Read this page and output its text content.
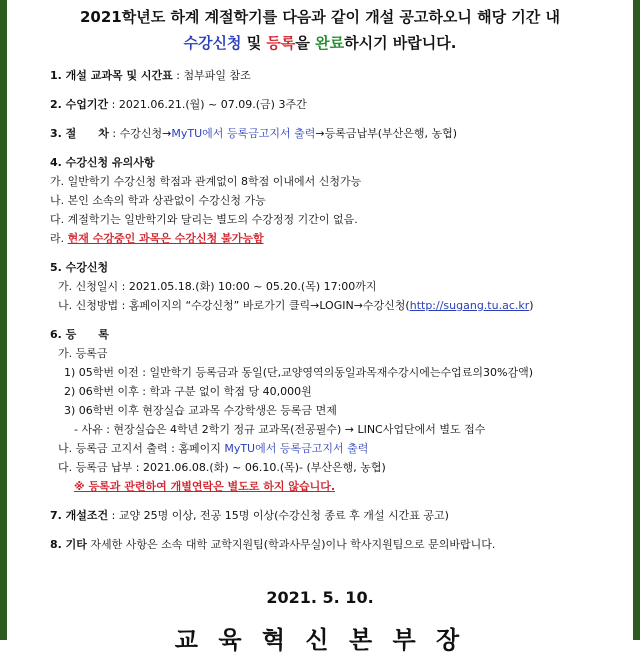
2021학년도 하계 계절학기를 다음과 같이 개설 공고하오니 해당 기간 내
수강신청 및 등록을 완료하시기 바랍니다.
1. 개설 교과목 및 시간표 : 첨부파일 참조
2. 수업기간 : 2021.06.21.(월) ~ 07.09.(금) 3주간
3. 절　　차 : 수강신청→MyTU에서 등록금고지서 출력→등록금납부(부산은행, 농협)
4. 수강신청 유의사항
가. 일반학기 수강신청 학점과 관계없이 8학점 이내에서 신청가능
나. 본인 소속의 학과 상관없이 수강신청 가능
다. 계절학기는 일반학기와 달리는 별도의 수강정정 기간이 없음.
라. 현재 수강중인 과목은 수강신청 불가능함
5. 수강신청
가. 신청일시 : 2021.05.18.(화) 10:00 ~ 05.20.(목) 17:00까지
나. 신청방법 : 홈페이지의 “수강신청” 바로가기 클릭→LOGIN→수강신청(http://sugang.tu.ac.kr)
6. 등　　록
가. 등록금
1) 05학번 이전 : 일반학기 등록금과 동일(단,교양영역의동일과목재수강시에는수업료의30%감액)
2) 06학번 이후 : 학과 구분 없이 학점 당 40,000원
3) 06학번 이후 현장실습 교과목 수강학생은 등록금 면제
- 사유 : 현장실습은 4학년 2학기 정규 교과목(전공필수) → LINC사업단에서 별도 접수
나. 등록금 고지서 출력 : 홈페이지 MyTU에서 등록금고지서 출력
다. 등록금 납부 : 2021.06.08.(화) ~ 06.10.(목)- (부산은행, 농협)
※ 등록과 관련하여 개별연락은 별도로 하지 않습니다.
7. 개설조건 : 교양 25명 이상, 전공 15명 이상(수강신청 종료 후 개설 시간표 공고)
8. 기타 자세한 사항은 소속 대학 교학지원팀(학과사무실)이나 학사지원팀으로 문의바랍니다.
2021. 5. 10.
교 육 혁 신 본 부 장
